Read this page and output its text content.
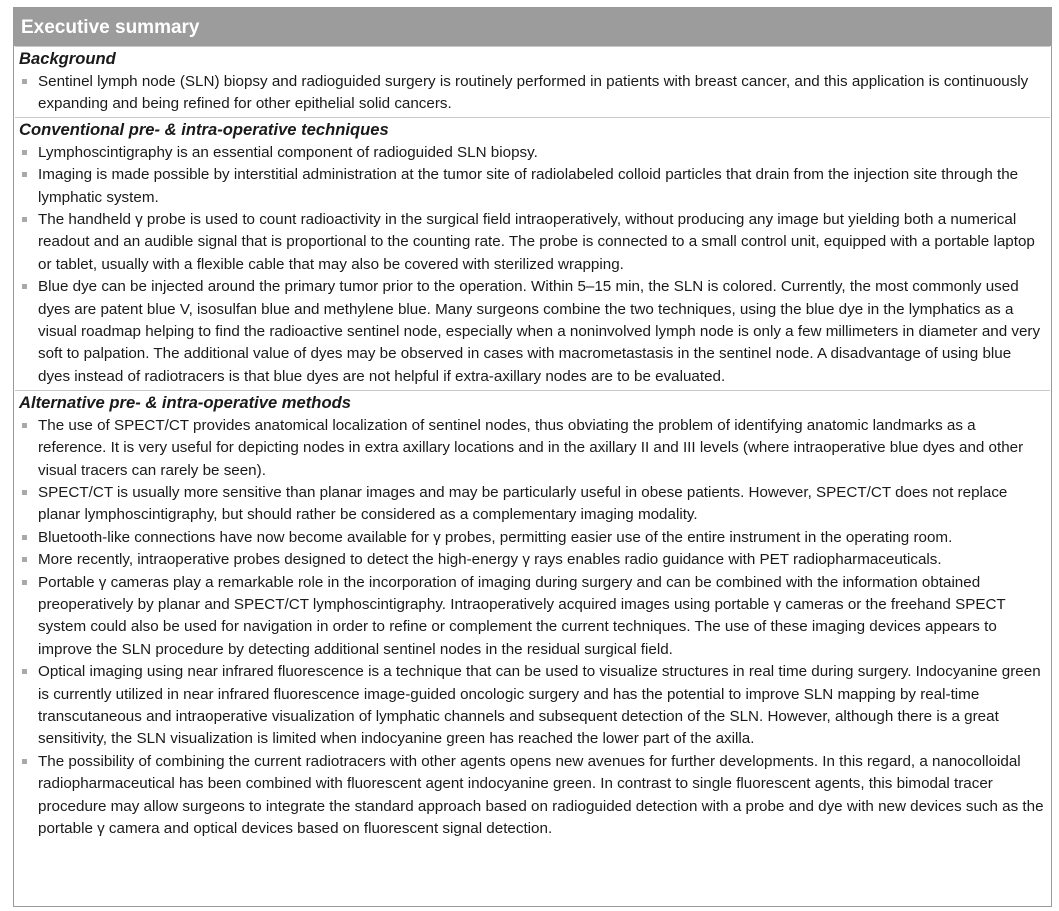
Executive summary
Background
Sentinel lymph node (SLN) biopsy and radioguided surgery is routinely performed in patients with breast cancer, and this application is continuously expanding and being refined for other epithelial solid cancers.
Conventional pre- & intra-operative techniques
Lymphoscintigraphy is an essential component of radioguided SLN biopsy.
Imaging is made possible by interstitial administration at the tumor site of radiolabeled colloid particles that drain from the injection site through the lymphatic system.
The handheld γ probe is used to count radioactivity in the surgical field intraoperatively, without producing any image but yielding both a numerical readout and an audible signal that is proportional to the counting rate. The probe is connected to a small control unit, equipped with a portable laptop or tablet, usually with a flexible cable that may also be covered with sterilized wrapping.
Blue dye can be injected around the primary tumor prior to the operation. Within 5–15 min, the SLN is colored. Currently, the most commonly used dyes are patent blue V, isosulfan blue and methylene blue. Many surgeons combine the two techniques, using the blue dye in the lymphatics as a visual roadmap helping to find the radioactive sentinel node, especially when a noninvolved lymph node is only a few millimeters in diameter and very soft to palpation. The additional value of dyes may be observed in cases with macrometastasis in the sentinel node. A disadvantage of using blue dyes instead of radiotracers is that blue dyes are not helpful if extra-axillary nodes are to be evaluated.
Alternative pre- & intra-operative methods
The use of SPECT/CT provides anatomical localization of sentinel nodes, thus obviating the problem of identifying anatomic landmarks as a reference. It is very useful for depicting nodes in extra axillary locations and in the axillary II and III levels (where intraoperative blue dyes and other visual tracers can rarely be seen).
SPECT/CT is usually more sensitive than planar images and may be particularly useful in obese patients. However, SPECT/CT does not replace planar lymphoscintigraphy, but should rather be considered as a complementary imaging modality.
Bluetooth-like connections have now become available for γ probes, permitting easier use of the entire instrument in the operating room.
More recently, intraoperative probes designed to detect the high-energy γ rays enables radio guidance with PET radiopharmaceuticals.
Portable γ cameras play a remarkable role in the incorporation of imaging during surgery and can be combined with the information obtained preoperatively by planar and SPECT/CT lymphoscintigraphy. Intraoperatively acquired images using portable γ cameras or the freehand SPECT system could also be used for navigation in order to refine or complement the current techniques. The use of these imaging devices appears to improve the SLN procedure by detecting additional sentinel nodes in the residual surgical field.
Optical imaging using near infrared fluorescence is a technique that can be used to visualize structures in real time during surgery. Indocyanine green is currently utilized in near infrared fluorescence image-guided oncologic surgery and has the potential to improve SLN mapping by real-time transcutaneous and intraoperative visualization of lymphatic channels and subsequent detection of the SLN. However, although there is a great sensitivity, the SLN visualization is limited when indocyanine green has reached the lower part of the axilla.
The possibility of combining the current radiotracers with other agents opens new avenues for further developments. In this regard, a nanocolloidal radiopharmaceutical has been combined with fluorescent agent indocyanine green. In contrast to single fluorescent agents, this bimodal tracer procedure may allow surgeons to integrate the standard approach based on radioguided detection with a probe and dye with new devices such as the portable γ camera and optical devices based on fluorescent signal detection.
